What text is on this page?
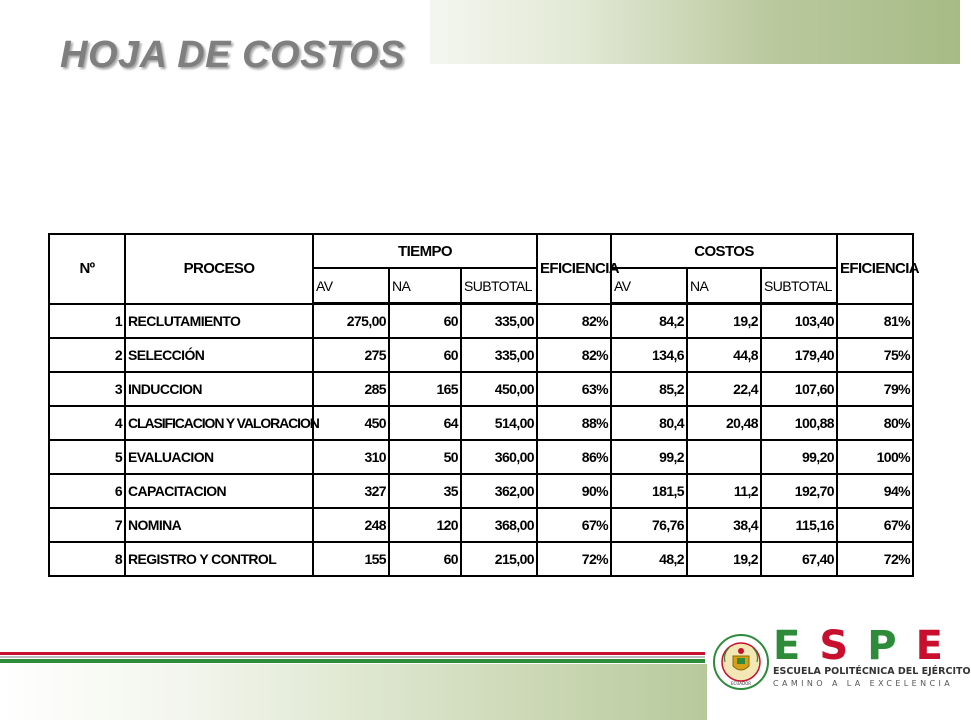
HOJA DE COSTOS
Nº	PROCESO	TIEMPO			EFICIENCIA	COSTOS			EFICIENCIA
		AV	NA	SUBTOTAL		AV	NA	SUBTOTAL	
1	RECLUTAMIENTO	275,00	60	335,00	82%	84,2	19,2	103,40	81%
2	SELECCIÓN	275	60	335,00	82%	134,6	44,8	179,40	75%
3	INDUCCION	285	165	450,00	63%	85,2	22,4	107,60	79%
4	CLASIFICACION Y VALORACION	450	64	514,00	88%	80,4	20,48	100,88	80%
5	EVALUACION	310	50	360,00	86%	99,2		99,20	100%
6	CAPACITACION	327	35	362,00	90%	181,5	11,2	192,70	94%
7	NOMINA	248	120	368,00	67%	76,76	38,4	115,16	67%
8	REGISTRO Y CONTROL	155	60	215,00	72%	48,2	19,2	67,40	72%
ECUADOR
E S P E
ESCUELA POLITÉCNICA DEL EJÉRCITO
CAMINO A LA EXCELENCIA
